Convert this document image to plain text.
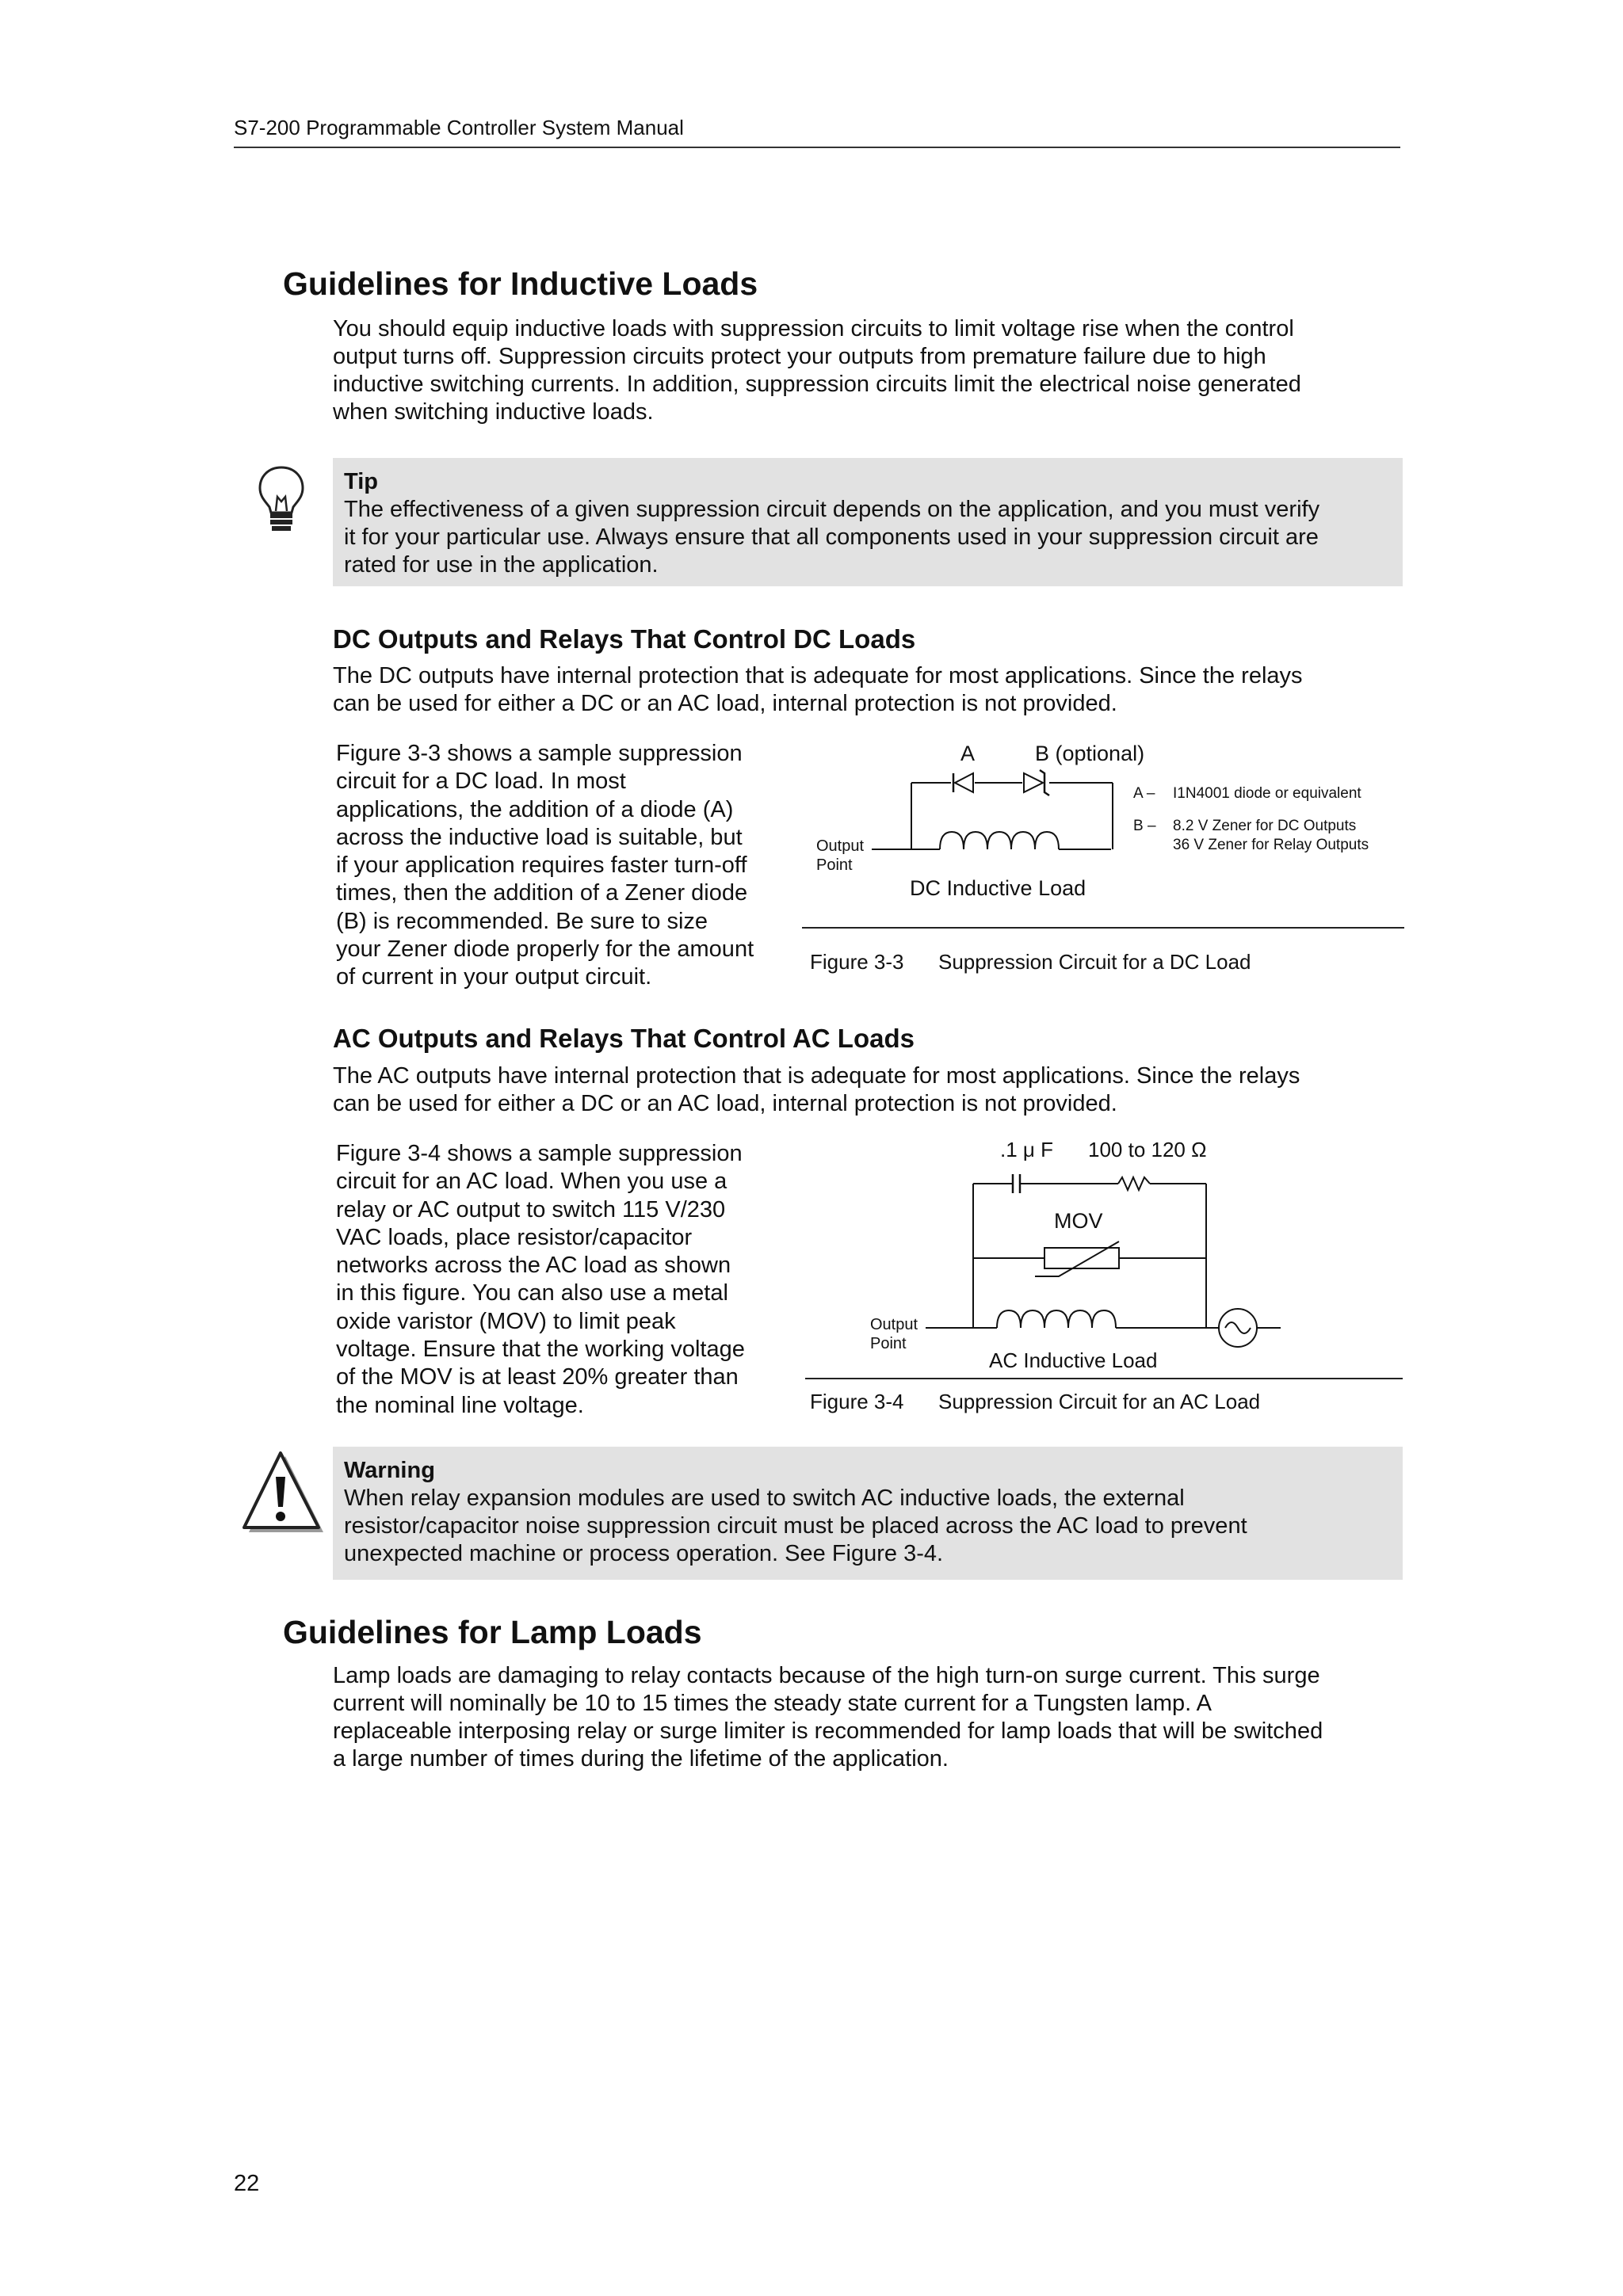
S7-200 Programmable Controller System Manual
Guidelines for Inductive Loads
You should equip inductive loads with suppression circuits to limit voltage rise when the control
output turns off. Suppression circuits protect your outputs from premature failure due to high
inductive switching currents. In addition, suppression circuits limit the electrical noise generated
when switching inductive loads.
Tip
The effectiveness of a given suppression circuit depends on the application, and you must verify
it for your particular use. Always ensure that all components used in your suppression circuit are
rated for use in the application.
DC Outputs and Relays That Control DC Loads
The DC outputs have internal protection that is adequate for most applications. Since the relays
can be used for either a DC or an AC load, internal protection is not provided.
Figure 3-3 shows a sample suppression
circuit for a DC load. In most
applications, the addition of a diode (A)
across the inductive load is suitable, but
if your application requires faster turn-off
times, then the addition of a Zener diode
(B) is recommended. Be sure to size
your Zener diode properly for the amount
of current in your output circuit.
A	B (optional)
A – I1N4001 diode or equivalent
B – 8.2 V Zener for DC Outputs
36 V Zener for Relay Outputs
Output
Point
DC Inductive Load
Figure 3-3 Suppression Circuit for a DC Load
AC Outputs and Relays That Control AC Loads
The AC outputs have internal protection that is adequate for most applications. Since the relays
can be used for either a DC or an AC load, internal protection is not provided.
Figure 3-4 shows a sample suppression
circuit for an AC load. When you use a
relay or AC output to switch 115 V/230
VAC loads, place resistor/capacitor
networks across the AC load as shown
in this figure. You can also use a metal
oxide varistor (MOV) to limit peak
voltage. Ensure that the working voltage
of the MOV is at least 20% greater than
the nominal line voltage.
.1 μ F 100 to 120 Ω
MOV
Output
Point
AC Inductive Load
Figure 3-4 Suppression Circuit for an AC Load
Warning
When relay expansion modules are used to switch AC inductive loads, the external
resistor/capacitor noise suppression circuit must be placed across the AC load to prevent
unexpected machine or process operation. See Figure 3-4.
Guidelines for Lamp Loads
Lamp loads are damaging to relay contacts because of the high turn-on surge current. This surge
current will nominally be 10 to 15 times the steady state current for a Tungsten lamp. A
replaceable interposing relay or surge limiter is recommended for lamp loads that will be switched
a large number of times during the lifetime of the application.
22
